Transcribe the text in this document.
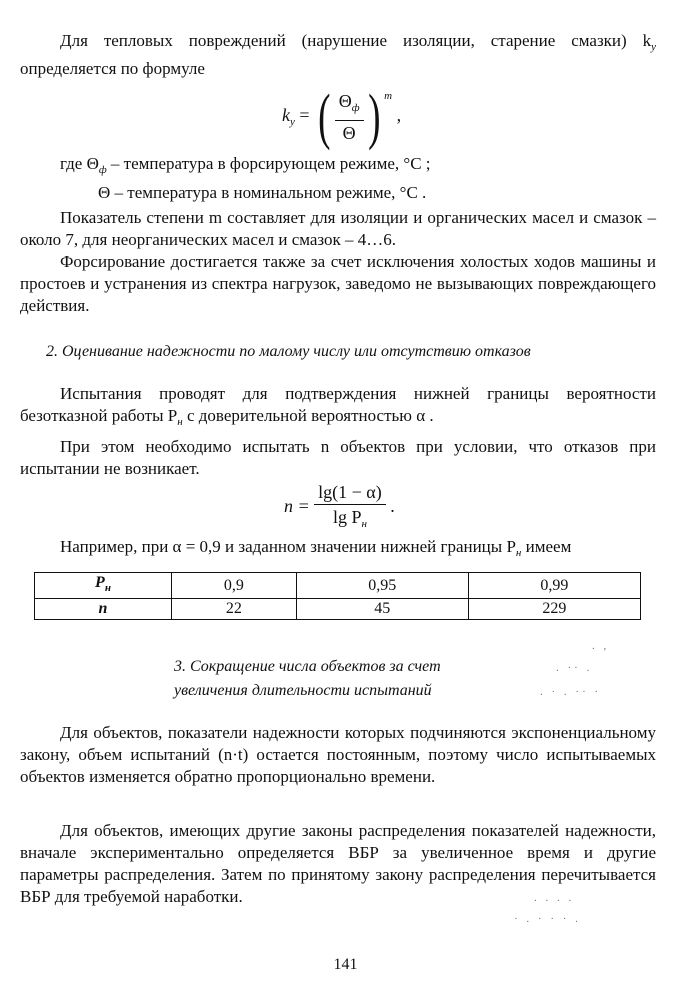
Для тепловых повреждений (нарушение изоляции, старение смазки) $k_у$ определяется по формуле

$k_у$ = ( $\frac{\Theta_ф}{\Theta}$ ) $^m$ ,

где $\Theta_ф$ – температура в форсирующем режиме, °C ;

Θ – температура в номинальном режиме, °C .

Показатель степени m составляет для изоляции и органических масел и смазок – около 7, для неорганических масел и смазок – 4…6.

Форсирование достигается также за счет исключения холостых ходов машины и простоев и устранения из спектра нагрузок, заведомо не вызывающих повреждающего действия.

2. Оценивание надежности по малому числу или отсутствию отказов

Испытания проводят для подтверждения нижней границы вероятности безотказной работы $P_н$ с доверительной вероятностью α .

При этом необходимо испытать n объектов при условии, что отказов при испытании не возникает.

$n = \frac{\lg(1 - \alpha)}{\lg P_н}$ .

Например, при α = 0,9 и заданном значении нижней границы $P_н$ имеем

$P_н$	0,9	0,95	0,99
n	22	45	229
3. Сокращение числа объектов за счет
увеличения длительности испытаний
. ,
. ·· .
. · . ·· ·
. . . .
· . · · · .

Для объектов, показатели надежности которых подчиняются экспоненциальному закону, объем испытаний (n·t) остается постоянным, поэтому число испытываемых объектов изменяется обратно пропорционально времени.

Для объектов, имеющих другие законы распределения показателей надежности, вначале экспериментально определяется ВБР за увеличенное время и другие параметры распределения. Затем по принятому закону распределения перечитывается ВБР для требуемой наработки.

141
